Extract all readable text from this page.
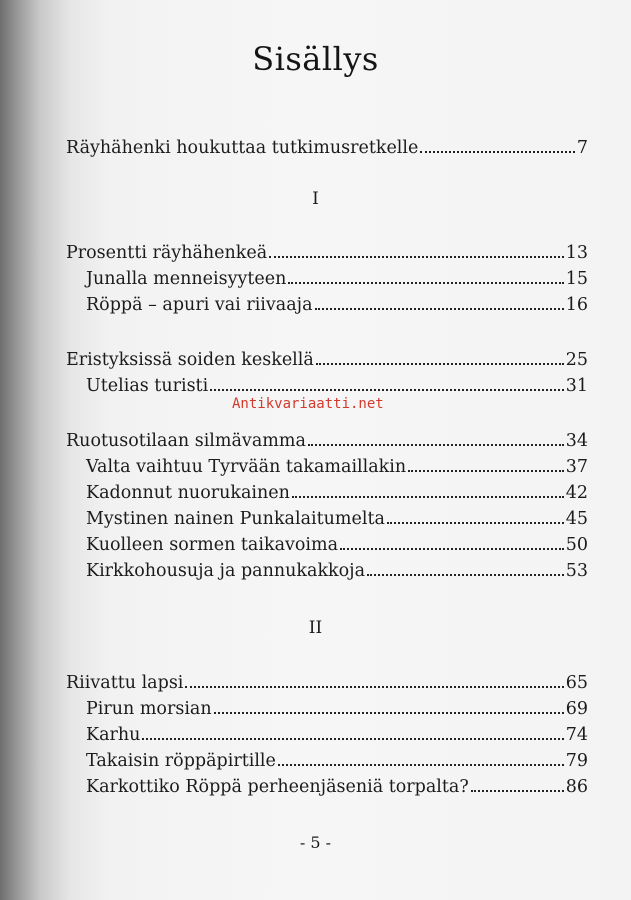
Sisällys
Räyhähenki houkuttaa tutkimusretkelle	7
I
Prosentti räyhähenkeä	13
Junalla menneisyyteen	15
Röppä – apuri vai riivaaja	16
Eristyksissä soiden keskellä	25
Utelias turisti	31
Antikvariaatti.net
Ruotusotilaan silmävamma	34
Valta vaihtuu Tyrvään takamaillakin	37
Kadonnut nuorukainen	42
Mystinen nainen Punkalaitumelta	45
Kuolleen sormen taikavoima	50
Kirkkohousuja ja pannukakkoja	53
II
Riivattu lapsi	65
Pirun morsian	69
Karhu	74
Takaisin röppäpirtille	79
Karkottiko Röppä perheenjäseniä torpalta?	86
- 5 -
